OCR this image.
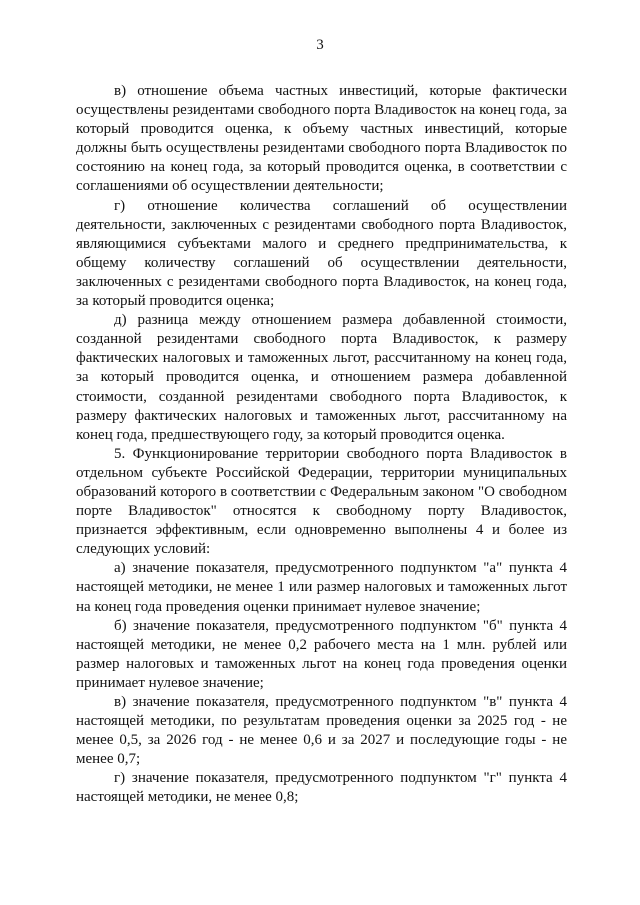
3

в) отношение объема частных инвестиций, которые фактически осуществлены резидентами свободного порта Владивосток на конец года, за который проводится оценка, к объему частных инвестиций, которые должны быть осуществлены резидентами свободного порта Владивосток по состоянию на конец года, за который проводится оценка, в соответствии с соглашениями об осуществлении деятельности;

г) отношение количества соглашений об осуществлении деятельности, заключенных с резидентами свободного порта Владивосток, являющимися субъектами малого и среднего предпринимательства, к общему количеству соглашений об осуществлении деятельности, заключенных с резидентами свободного порта Владивосток, на конец года, за который проводится оценка;

д) разница между отношением размера добавленной стоимости, созданной резидентами свободного порта Владивосток, к размеру фактических налоговых и таможенных льгот, рассчитанному на конец года, за который проводится оценка, и отношением размера добавленной стоимости, созданной резидентами свободного порта Владивосток, к размеру фактических налоговых и таможенных льгот, рассчитанному на конец года, предшествующего году, за который проводится оценка.

5. Функционирование территории свободного порта Владивосток в отдельном субъекте Российской Федерации, территории муниципальных образований которого в соответствии с Федеральным законом "О свободном порте Владивосток" относятся к свободному порту Владивосток, признается эффективным, если одновременно выполнены 4 и более из следующих условий:

а) значение показателя, предусмотренного подпунктом "а" пункта 4 настоящей методики, не менее 1 или размер налоговых и таможенных льгот на конец года проведения оценки принимает нулевое значение;

б) значение показателя, предусмотренного подпунктом "б" пункта 4 настоящей методики, не менее 0,2 рабочего места на 1 млн. рублей или размер налоговых и таможенных льгот на конец года проведения оценки принимает нулевое значение;

в) значение показателя, предусмотренного подпунктом "в" пункта 4 настоящей методики, по результатам проведения оценки за 2025 год - не менее 0,5, за 2026 год - не менее 0,6 и за 2027 и последующие годы - не менее 0,7;

г) значение показателя, предусмотренного подпунктом "г" пункта 4 настоящей методики, не менее 0,8;
